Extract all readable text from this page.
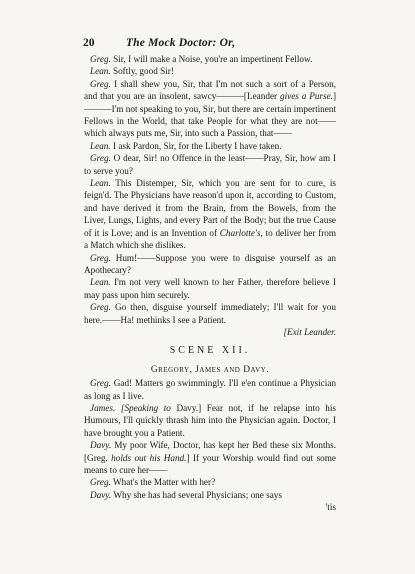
20	The Mock Doctor: Or,

Greg. Sir, I will make a Noise, you're an impertinent Fellow.

Lean. Softly, good Sir!

Greg. I shall shew you, Sir, that I'm not such a sort of a Person, and that you are an insolent, sawcy———[Leander gives a Purse.]———I'm not speaking to you, Sir, but there are certain impertinent Fellows in the World, that take People for what they are not——which always puts me, Sir, into such a Passion, that——

Lean. I ask Pardon, Sir, for the Liberty I have taken.

Greg. O dear, Sir! no Offence in the least——Pray, Sir, how am I to serve you?

Lean. This Distemper, Sir, which you are sent for to cure, is feign'd. The Physicians have reason'd upon it, according to Custom, and have derived it from the Brain, from the Bowels, from the Liver, Lungs, Lights, and every Part of the Body; but the true Cause of it is Love; and is an Invention of Charlotte's, to deliver her from a Match which she dislikes.

Greg. Hum!——Suppose you were to disguise yourself as an Apothecary?

Lean. I'm not very well known to her Father, therefore believe I may pass upon him securely.

Greg. Go then, disguise yourself immediately; I'll wait for you here.——Ha! methinks I see a Patient.

[Exit Leander.

SCENE XII.
Gregory, James and Davy.

Greg. Gad! Matters go swimmingly. I'll e'en continue a Physician as long as I live.

James. [Speaking to Davy.] Fear not, if he relapse into his Humours, I'll quickly thrash him into the Physician again. Doctor, I have brought you a Patient.

Davy. My poor Wife, Doctor, has kept her Bed these six Months. [Greg. holds out his Hand.] If your Worship would find out some means to cure her——

Greg. What's the Matter with her?

Davy. Why she has had several Physicians; one says

'tis
